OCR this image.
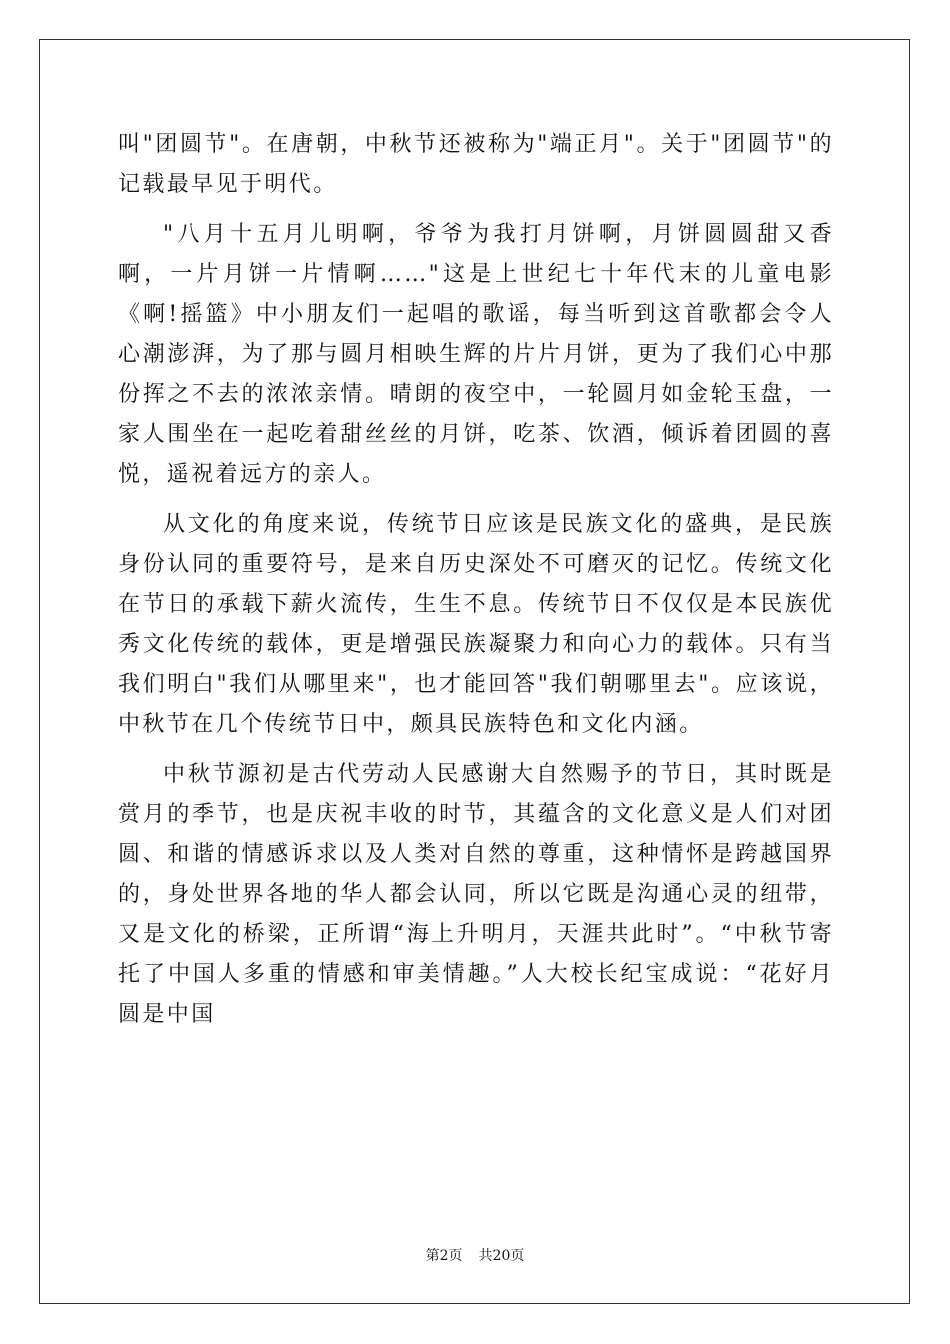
叫"团圆节"。在唐朝，中秋节还被称为"端正月"。关于"团圆节"的记载最早见于明代。

"八月十五月儿明啊，爷爷为我打月饼啊，月饼圆圆甜又香啊，一片月饼一片情啊……"这是上世纪七十年代末的儿童电影《啊!摇篮》中小朋友们一起唱的歌谣，每当听到这首歌都会令人心潮澎湃，为了那与圆月相映生辉的片片月饼，更为了我们心中那份挥之不去的浓浓亲情。晴朗的夜空中，一轮圆月如金轮玉盘，一家人围坐在一起吃着甜丝丝的月饼，吃茶、饮酒，倾诉着团圆的喜悦，遥祝着远方的亲人。

从文化的角度来说，传统节日应该是民族文化的盛典，是民族身份认同的重要符号，是来自历史深处不可磨灭的记忆。传统文化在节日的承载下薪火流传，生生不息。传统节日不仅仅是本民族优秀文化传统的载体，更是增强民族凝聚力和向心力的载体。只有当我们明白"我们从哪里来"，也才能回答"我们朝哪里去"。应该说，中秋节在几个传统节日中，颇具民族特色和文化内涵。

中秋节源初是古代劳动人民感谢大自然赐予的节日，其时既是赏月的季节，也是庆祝丰收的时节，其蕴含的文化意义是人们对团圆、和谐的情感诉求以及人类对自然的尊重，这种情怀是跨越国界的，身处世界各地的华人都会认同，所以它既是沟通心灵的纽带，又是文化的桥梁，正所谓“海上升明月，天涯共此时”。“中秋节寄托了中国人多重的情感和审美情趣。”人大校长纪宝成说：“花好月圆是中国

第2页 共20页
